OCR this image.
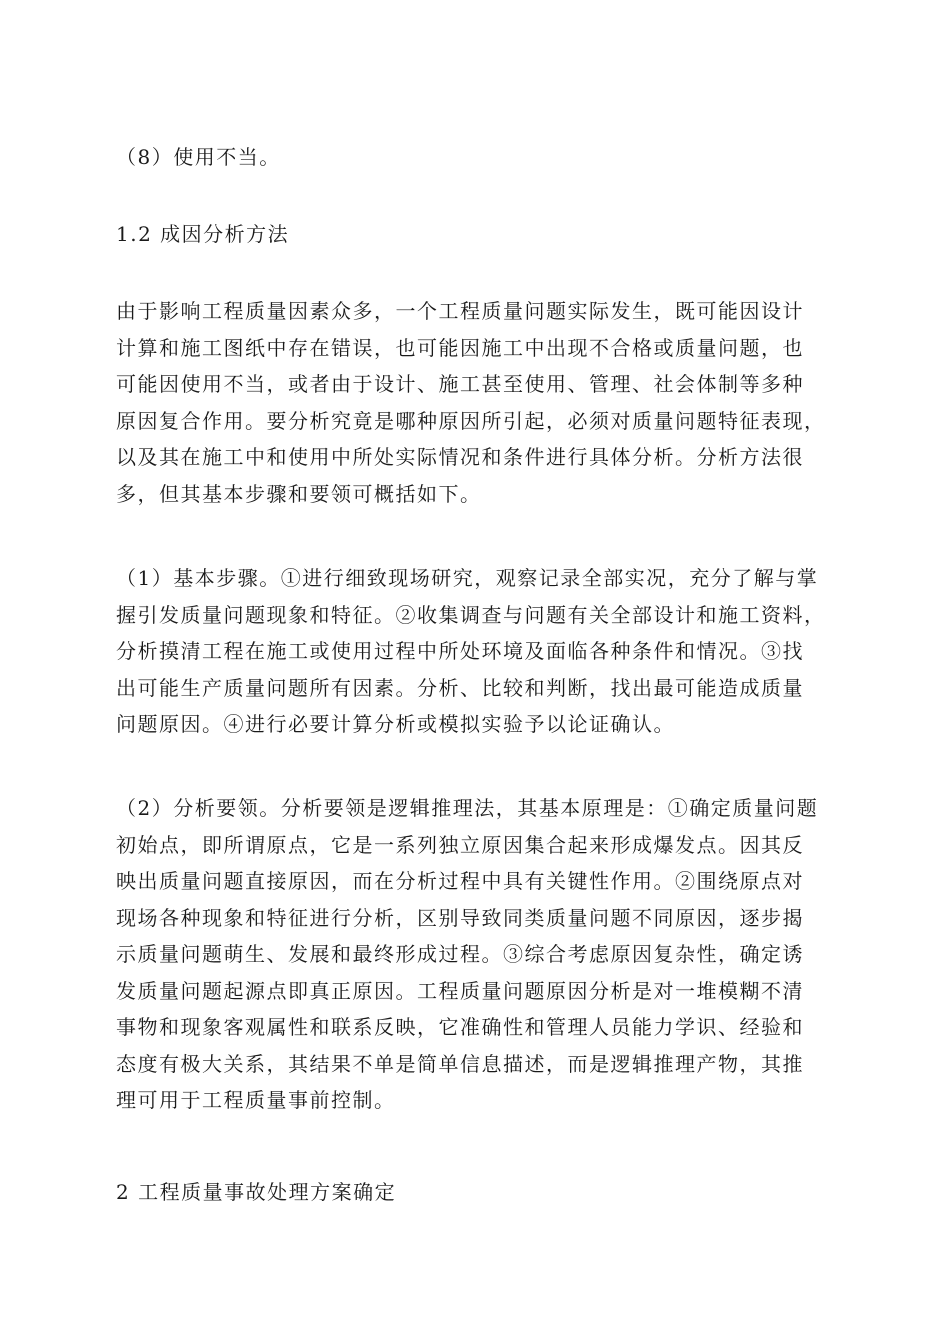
（8）使用不当。

1.2 成因分析方法

由于影响工程质量因素众多，一个工程质量问题实际发生，既可能因设计
计算和施工图纸中存在错误，也可能因施工中出现不合格或质量问题，也
可能因使用不当，或者由于设计、施工甚至使用、管理、社会体制等多种
原因复合作用。要分析究竟是哪种原因所引起，必须对质量问题特征表现，
以及其在施工中和使用中所处实际情况和条件进行具体分析。分析方法很
多，但其基本步骤和要领可概括如下。

（1）基本步骤。①进行细致现场研究，观察记录全部实况，充分了解与掌
握引发质量问题现象和特征。②收集调查与问题有关全部设计和施工资料，
分析摸清工程在施工或使用过程中所处环境及面临各种条件和情况。③找
出可能生产质量问题所有因素。分析、比较和判断，找出最可能造成质量
问题原因。④进行必要计算分析或模拟实验予以论证确认。

（2）分析要领。分析要领是逻辑推理法，其基本原理是：①确定质量问题
初始点，即所谓原点，它是一系列独立原因集合起来形成爆发点。因其反
映出质量问题直接原因，而在分析过程中具有关键性作用。②围绕原点对
现场各种现象和特征进行分析，区别导致同类质量问题不同原因，逐步揭
示质量问题萌生、发展和最终形成过程。③综合考虑原因复杂性，确定诱
发质量问题起源点即真正原因。工程质量问题原因分析是对一堆模糊不清
事物和现象客观属性和联系反映，它准确性和管理人员能力学识、经验和
态度有极大关系，其结果不单是简单信息描述，而是逻辑推理产物，其推
理可用于工程质量事前控制。

2 工程质量事故处理方案确定
